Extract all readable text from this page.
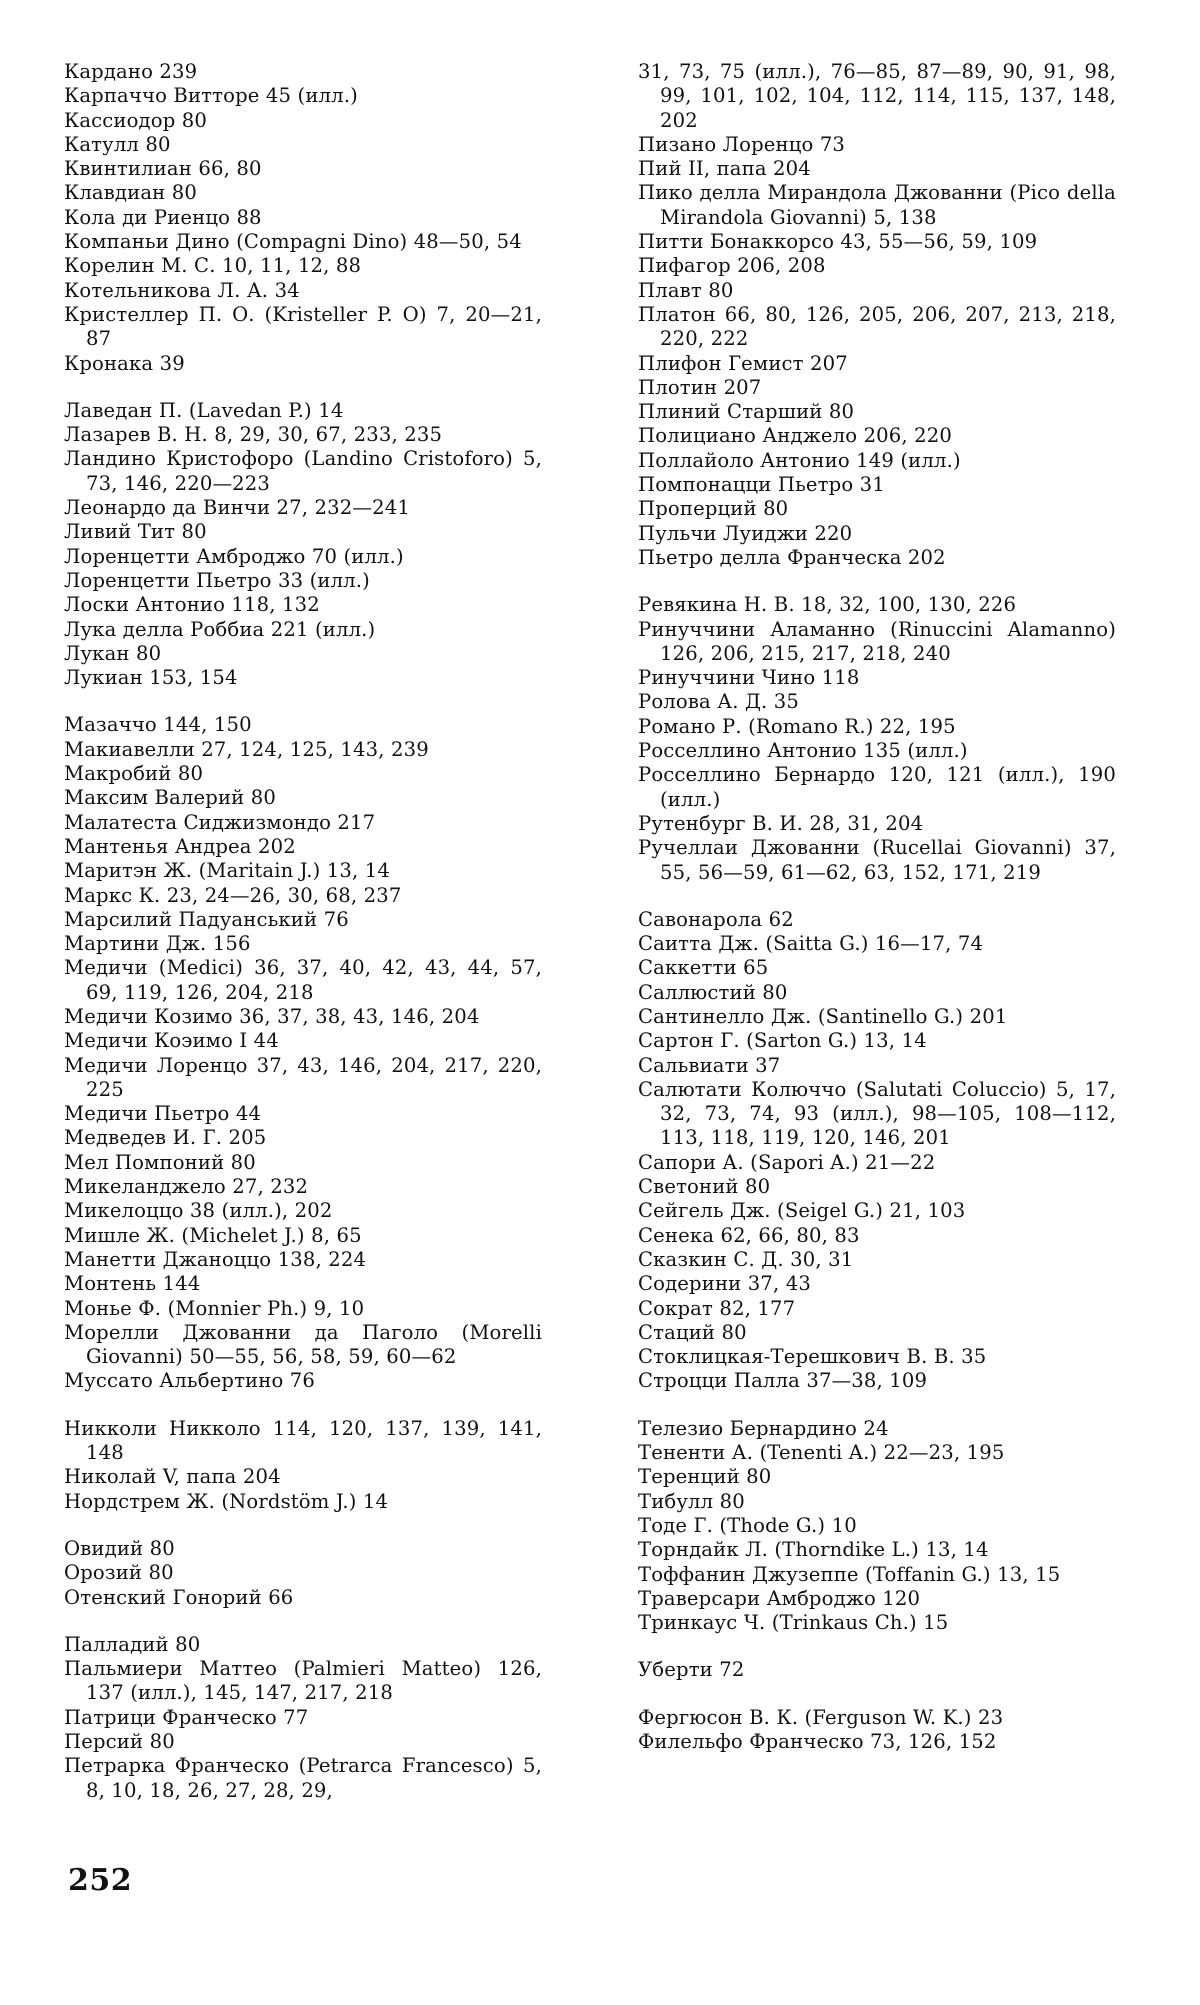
Кардано 239
Карпаччо Витторе 45 (илл.)
Кассиодор 80
Катулл 80
Квинтилиан 66, 80
Клавдиан 80
Кола ди Риенцо 88
Компаньи Дино (Compagni Dino) 48—50, 54
Корелин М. С. 10, 11, 12, 88
Котельникова Л. А. 34
Кристеллер П. О. (Kristeller P. O) 7, 20—21, 87
Кронака 39
Лаведан П. (Lavedan P.) 14
Лазарев В. Н. 8, 29, 30, 67, 233, 235
Ландино Кристофоро (Landino Cristoforo) 5, 73, 146, 220—223
Леонардо да Винчи 27, 232—241
Ливий Тит 80
Лоренцетти Амброджо 70 (илл.)
Лоренцетти Пьетро 33 (илл.)
Лоски Антонио 118, 132
Лука делла Роббиа 221 (илл.)
Лукан 80
Лукиан 153, 154
Мазаччо 144, 150
Макиавелли 27, 124, 125, 143, 239
Макробий 80
Максим Валерий 80
Малатеста Сиджизмондо 217
Мантенья Андреа 202
Маритэн Ж. (Maritain J.) 13, 14
Маркс К. 23, 24—26, 30, 68, 237
Марсилий Падуанський 76
Мартини Дж. 156
Медичи (Medici) 36, 37, 40, 42, 43, 44, 57, 69, 119, 126, 204, 218
Медичи Козимо 36, 37, 38, 43, 146, 204
Медичи Коэимо I 44
Медичи Лоренцо 37, 43, 146, 204, 217, 220, 225
Медичи Пьетро 44
Медведев И. Г. 205
Мел Помпоний 80
Микеланджело 27, 232
Микелоццо 38 (илл.), 202
Мишле Ж. (Michelet J.) 8, 65
Манетти Джаноццо 138, 224
Монтень 144
Монье Ф. (Monnier Ph.) 9, 10
Морелли Джованни да Паголо (Morelli Giovanni) 50—55, 56, 58, 59, 60—62
Муссато Альбертино 76
Никколи Никколо 114, 120, 137, 139, 141, 148
Николай V, папа 204
Нордстрем Ж. (Nordstöm J.) 14
Овидий 80
Орозий 80
Отенский Гонорий 66
Палладий 80
Пальмиери Маттео (Palmieri Matteo) 126, 137 (илл.), 145, 147, 217, 218
Патрици Франческо 77
Персий 80
Петрарка Франческо (Petrarca Francesco) 5, 8, 10, 18, 26, 27, 28, 29,
31, 73, 75 (илл.), 76—85, 87—89, 90, 91, 98, 99, 101, 102, 104, 112, 114, 115, 137, 148, 202
Пизано Лоренцо 73
Пий II, папа 204
Пико делла Мирандола Джованни (Pico della Mirandola Giovanni) 5, 138
Питти Бонаккорсо 43, 55—56, 59, 109
Пифагор 206, 208
Плавт 80
Платон 66, 80, 126, 205, 206, 207, 213, 218, 220, 222
Плифон Гемист 207
Плотин 207
Плиний Старший 80
Полициано Анджело 206, 220
Поллайоло Антонио 149 (илл.)
Помпонацци Пьетро 31
Проперций 80
Пульчи Луиджи 220
Пьетро делла Франческа 202
Ревякина Н. В. 18, 32, 100, 130, 226
Ринуччини Аламанно (Rinuccini Alamanno) 126, 206, 215, 217, 218, 240
Ринуччини Чино 118
Ролова А. Д. 35
Романо Р. (Romano R.) 22, 195
Росселлино Антонио 135 (илл.)
Росселлино Бернардо 120, 121 (илл.), 190 (илл.)
Рутенбург В. И. 28, 31, 204
Ручеллаи Джованни (Rucellai Giovanni) 37, 55, 56—59, 61—62, 63, 152, 171, 219
Савонарола 62
Саитта Дж. (Saitta G.) 16—17, 74
Саккетти 65
Саллюстий 80
Сантинелло Дж. (Santinello G.) 201
Сартон Г. (Sarton G.) 13, 14
Сальвиати 37
Салютати Колюччо (Salutati Coluccio) 5, 17, 32, 73, 74, 93 (илл.), 98—105, 108—112, 113, 118, 119, 120, 146, 201
Сапори А. (Sapori A.) 21—22
Светоний 80
Сейгель Дж. (Seigel G.) 21, 103
Сенека 62, 66, 80, 83
Сказкин С. Д. 30, 31
Содерини 37, 43
Сократ 82, 177
Стаций 80
Стоклицкая-Терешкович В. В. 35
Строцци Палла 37—38, 109
Телезио Бернардино 24
Тененти А. (Tenenti A.) 22—23, 195
Теренций 80
Тибулл 80
Тоде Г. (Thode G.) 10
Торндайк Л. (Thorndike L.) 13, 14
Тоффанин Джузеппе (Toffanin G.) 13, 15
Траверсари Амброджо 120
Тринкаус Ч. (Trinkaus Ch.) 15
Уберти 72
Фергюсон В. К. (Ferguson W. K.) 23
Филельфо Франческо 73, 126, 152
252
